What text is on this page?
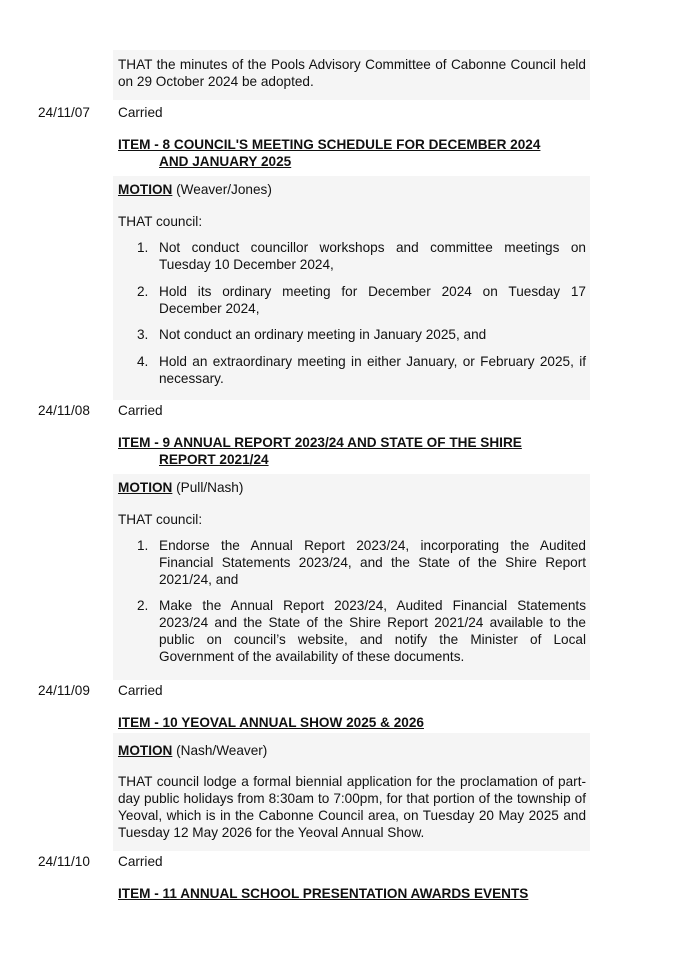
THAT the minutes of the Pools Advisory Committee of Cabonne Council held on 29 October 2024 be adopted.
24/11/07 Carried
ITEM - 8 COUNCIL'S MEETING SCHEDULE FOR DECEMBER 2024
AND JANUARY 2025
MOTION (Weaver/Jones)
THAT council:
1. Not conduct councillor workshops and committee meetings on Tuesday 10 December 2024,
2. Hold its ordinary meeting for December 2024 on Tuesday 17 December 2024,
3. Not conduct an ordinary meeting in January 2025, and
4. Hold an extraordinary meeting in either January, or February 2025, if necessary.
24/11/08 Carried
ITEM - 9 ANNUAL REPORT 2023/24 AND STATE OF THE SHIRE
REPORT 2021/24
MOTION (Pull/Nash)
THAT council:
1. Endorse the Annual Report 2023/24, incorporating the Audited Financial Statements 2023/24, and the State of the Shire Report 2021/24, and
2. Make the Annual Report 2023/24, Audited Financial Statements 2023/24 and the State of the Shire Report 2021/24 available to the public on council’s website, and notify the Minister of Local Government of the availability of these documents.
24/11/09 Carried
ITEM - 10 YEOVAL ANNUAL SHOW 2025 & 2026
MOTION (Nash/Weaver)
THAT council lodge a formal biennial application for the proclamation of part-day public holidays from 8:30am to 7:00pm, for that portion of the township of Yeoval, which is in the Cabonne Council area, on Tuesday 20 May 2025 and Tuesday 12 May 2026 for the Yeoval Annual Show.
24/11/10 Carried
ITEM - 11 ANNUAL SCHOOL PRESENTATION AWARDS EVENTS
